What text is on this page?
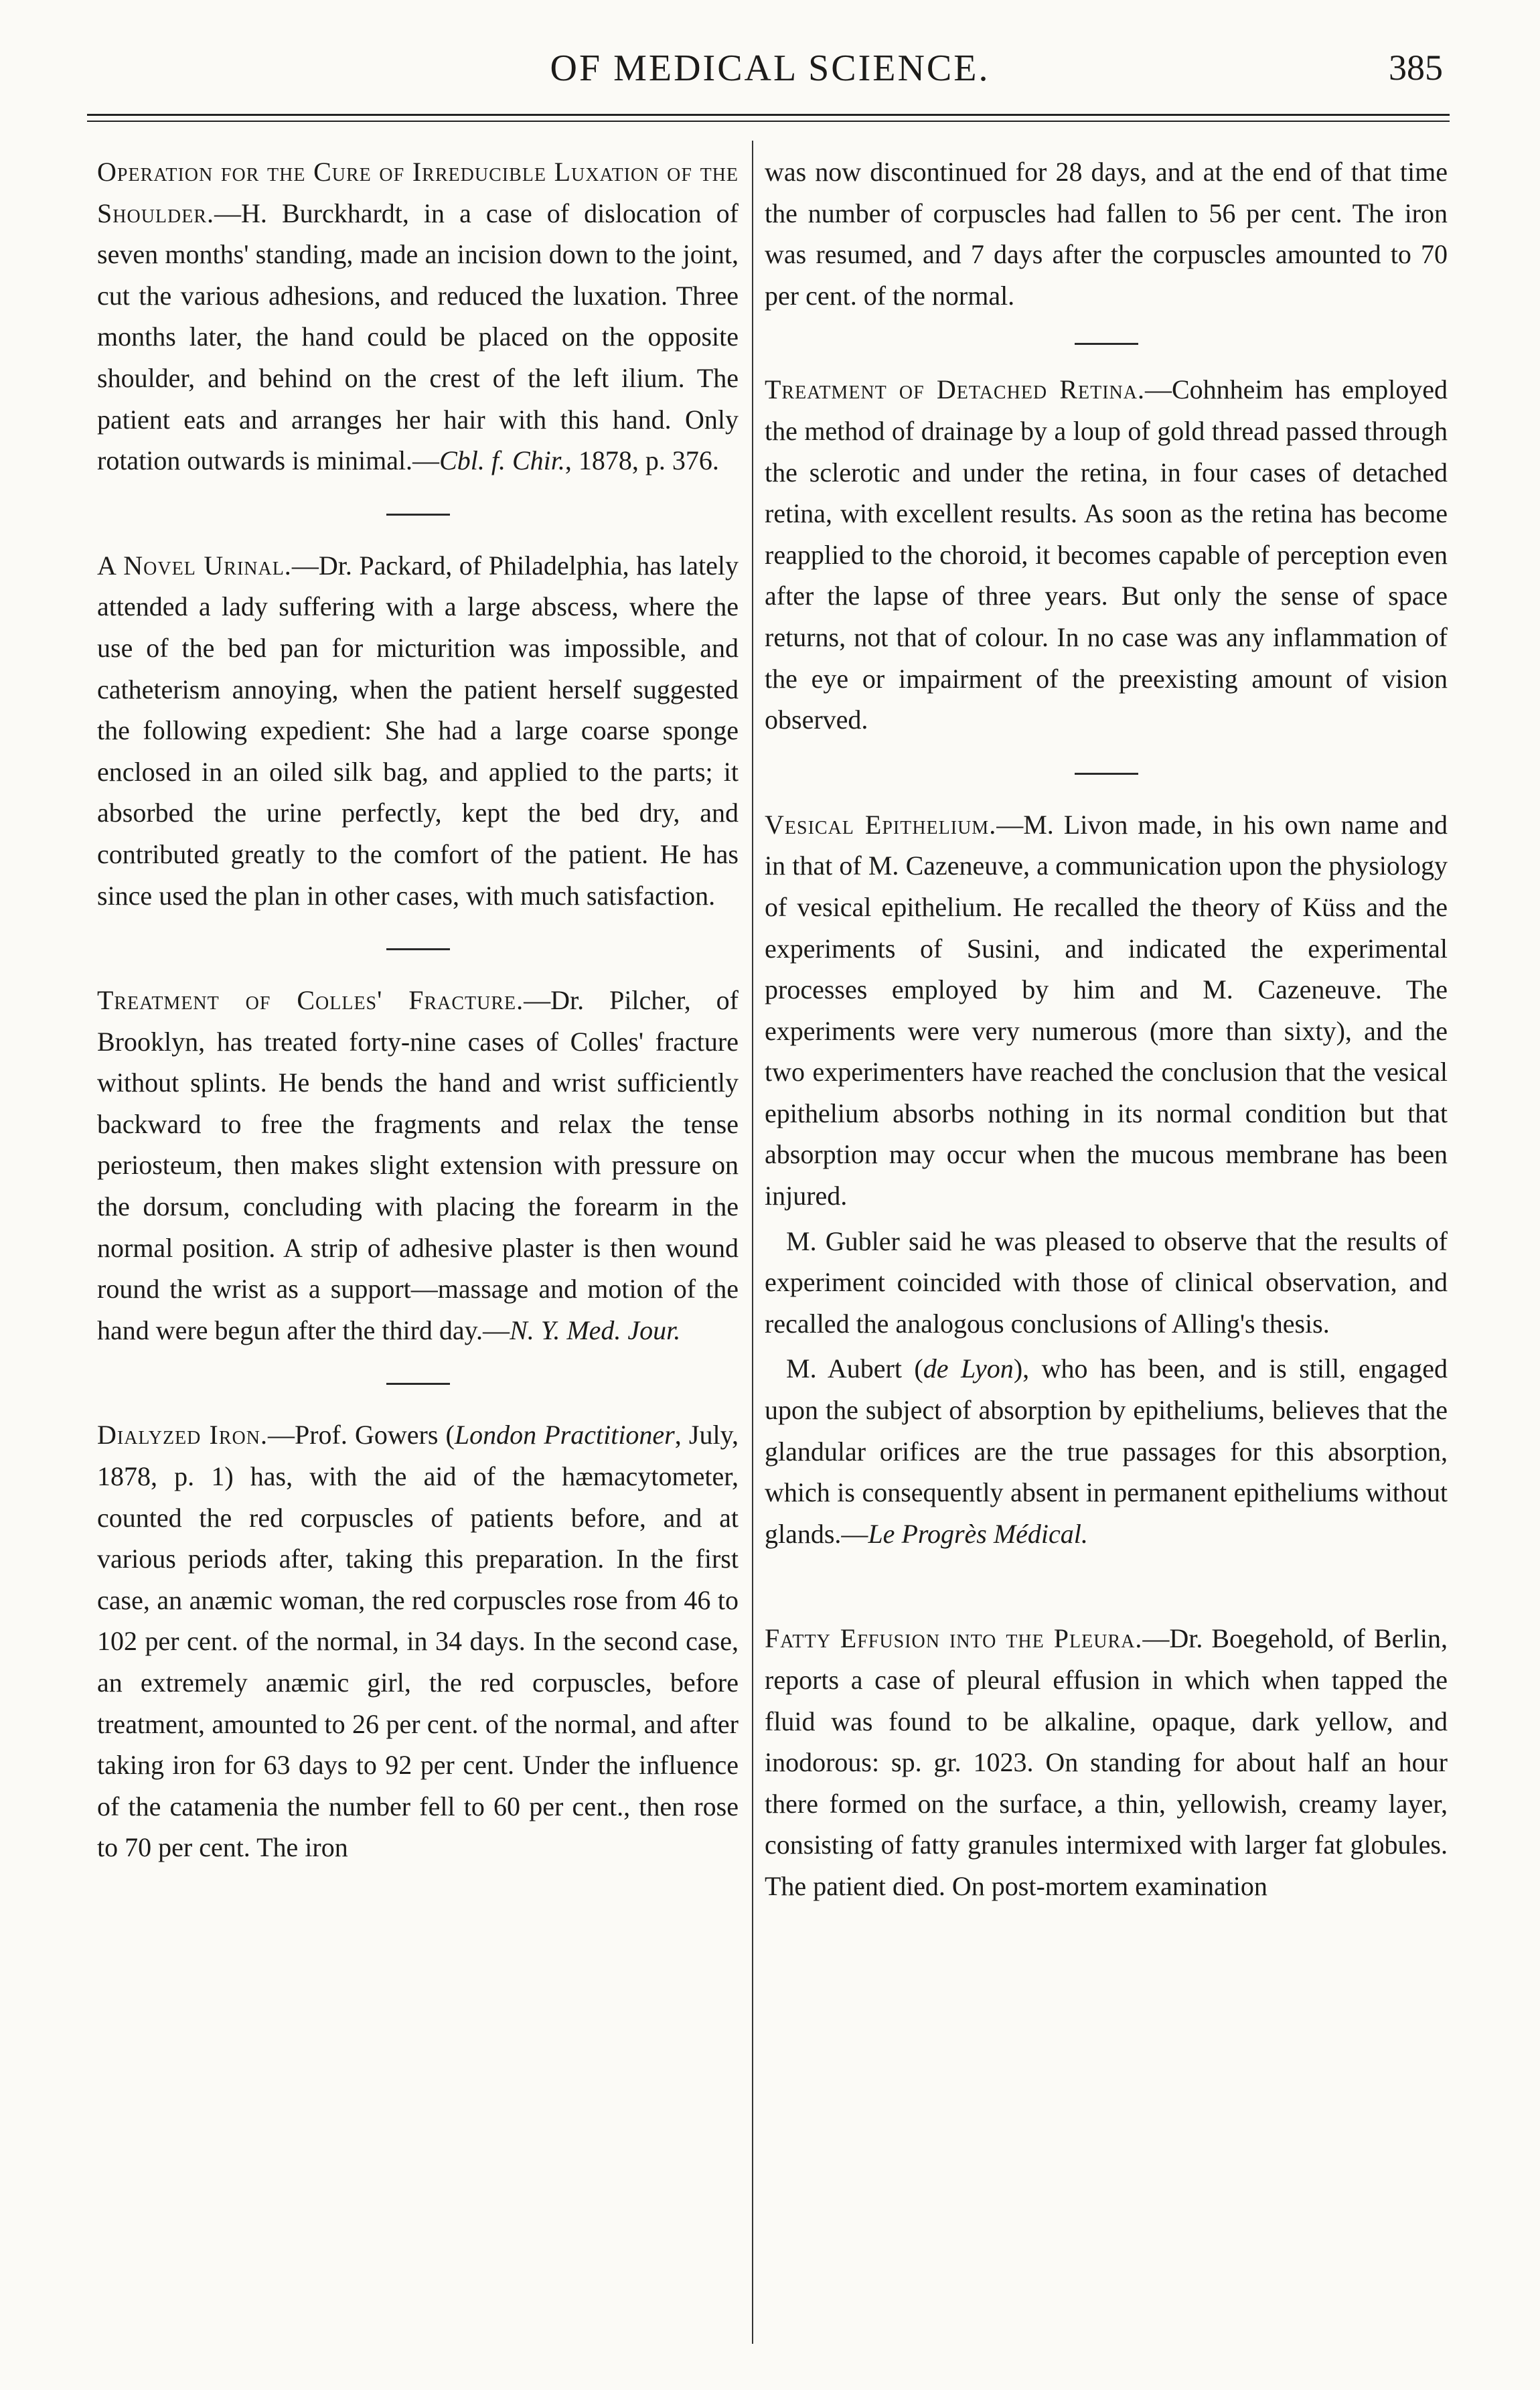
OF MEDICAL SCIENCE.	385

Operation for the Cure of Irreducible Luxation of the Shoulder.—H. Burckhardt, in a case of dislocation of seven months' standing, made an incision down to the joint, cut the various adhesions, and reduced the luxation. Three months later, the hand could be placed on the opposite shoulder, and behind on the crest of the left ilium. The patient eats and arranges her hair with this hand. Only rotation outwards is minimal.—Cbl. f. Chir., 1878, p. 376.

A Novel Urinal.—Dr. Packard, of Philadelphia, has lately attended a lady suffering with a large abscess, where the use of the bed pan for micturition was impossible, and catheterism annoying, when the patient herself suggested the following expedient: She had a large coarse sponge enclosed in an oiled silk bag, and applied to the parts; it absorbed the urine perfectly, kept the bed dry, and contributed greatly to the comfort of the patient. He has since used the plan in other cases, with much satisfaction.

Treatment of Colles' Fracture.—Dr. Pilcher, of Brooklyn, has treated forty-nine cases of Colles' fracture without splints. He bends the hand and wrist sufficiently backward to free the fragments and relax the tense periosteum, then makes slight extension with pressure on the dorsum, concluding with placing the forearm in the normal position. A strip of adhesive plaster is then wound round the wrist as a support—massage and motion of the hand were begun after the third day.—N. Y. Med. Jour.

Dialyzed Iron.—Prof. Gowers (London Practitioner, July, 1878, p. 1) has, with the aid of the hæmacytometer, counted the red corpuscles of patients before, and at various periods after, taking this preparation. In the first case, an anæmic woman, the red corpuscles rose from 46 to 102 per cent. of the normal, in 34 days. In the second case, an extremely anæmic girl, the red corpuscles, before treatment, amounted to 26 per cent. of the normal, and after taking iron for 63 days to 92 per cent. Under the influence of the catamenia the number fell to 60 per cent., then rose to 70 per cent. The iron

was now discontinued for 28 days, and at the end of that time the number of corpuscles had fallen to 56 per cent. The iron was resumed, and 7 days after the corpuscles amounted to 70 per cent. of the normal.

Treatment of Detached Retina.—Cohnheim has employed the method of drainage by a loup of gold thread passed through the sclerotic and under the retina, in four cases of detached retina, with excellent results. As soon as the retina has become reapplied to the choroid, it becomes capable of perception even after the lapse of three years. But only the sense of space returns, not that of colour. In no case was any inflammation of the eye or impairment of the preexisting amount of vision observed.

Vesical Epithelium.—M. Livon made, in his own name and in that of M. Cazeneuve, a communication upon the physiology of vesical epithelium. He recalled the theory of Küss and the experiments of Susini, and indicated the experimental processes employed by him and M. Cazeneuve. The experiments were very numerous (more than sixty), and the two experimenters have reached the conclusion that the vesical epithelium absorbs nothing in its normal condition but that absorption may occur when the mucous membrane has been injured.

M. Gubler said he was pleased to observe that the results of experiment coincided with those of clinical observation, and recalled the analogous conclusions of Alling's thesis.

M. Aubert (de Lyon), who has been, and is still, engaged upon the subject of absorption by epitheliums, believes that the glandular orifices are the true passages for this absorption, which is consequently absent in permanent epitheliums without glands.—Le Progrès Médical.

Fatty Effusion into the Pleura.—Dr. Boegehold, of Berlin, reports a case of pleural effusion in which when tapped the fluid was found to be alkaline, opaque, dark yellow, and inodorous: sp. gr. 1023. On standing for about half an hour there formed on the surface, a thin, yellowish, creamy layer, consisting of fatty granules intermixed with larger fat globules. The patient died. On post-mortem examination
